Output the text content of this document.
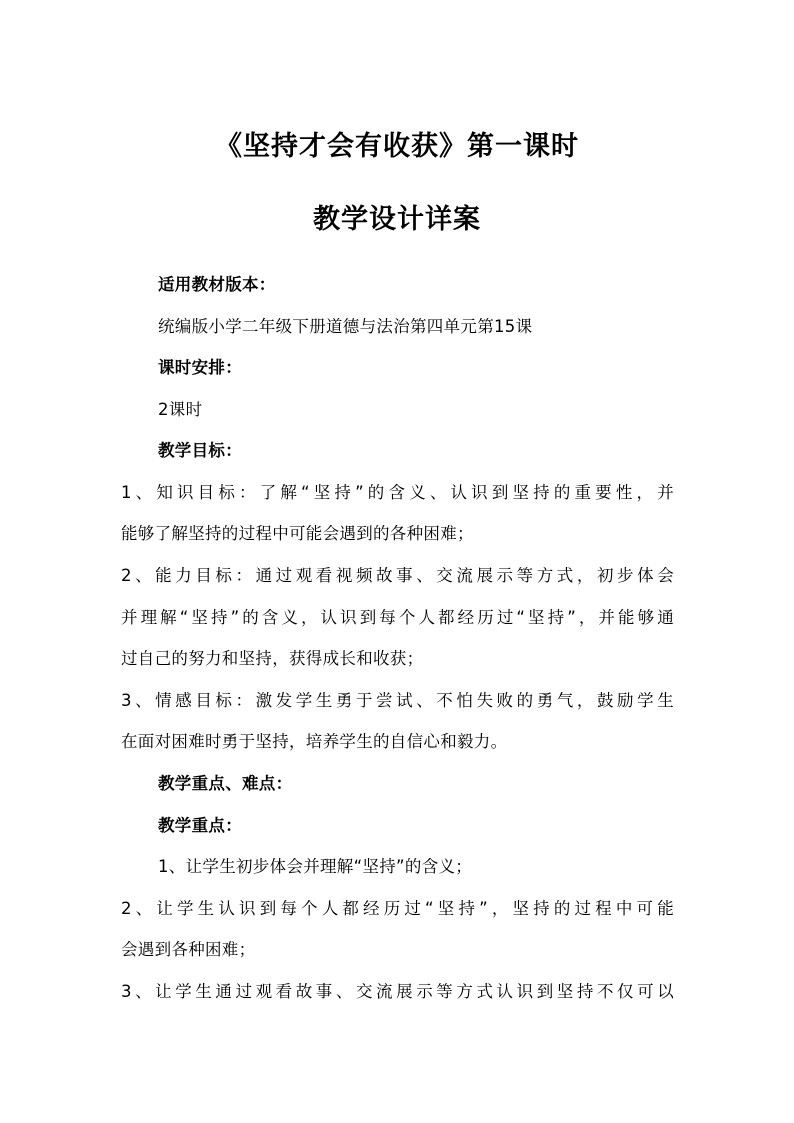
《坚持才会有收获》第一课时
教学设计详案
适用教材版本：
统编版小学二年级下册道德与法治第四单元第15课
课时安排：
2课时
教学目标：
1、知识目标：了解“坚持”的含义、认识到坚持的重要性，并
能够了解坚持的过程中可能会遇到的各种困难；
2、能力目标：通过观看视频故事、交流展示等方式，初步体会
并理解“坚持”的含义，认识到每个人都经历过“坚持”，并能够通
过自己的努力和坚持，获得成长和收获；
3、情感目标：激发学生勇于尝试、不怕失败的勇气，鼓励学生
在面对困难时勇于坚持，培养学生的自信心和毅力。
教学重点、难点：
教学重点：
1、让学生初步体会并理解“坚持”的含义；
2、让学生认识到每个人都经历过“坚持”，坚持的过程中可能
会遇到各种困难；
3、让学生通过观看故事、交流展示等方式认识到坚持不仅可以
